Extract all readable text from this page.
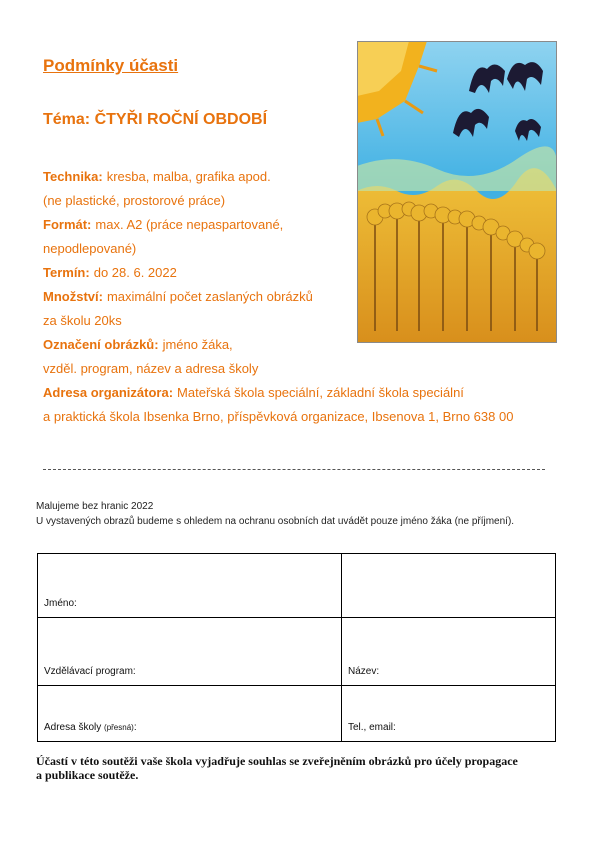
Podmínky účasti
Téma: ČTYŘI ROČNÍ OBDOBÍ
Technika: kresba, malba, grafika apod.
(ne plastické, prostorové práce)
Formát: max. A2 (práce nepaspartované,
nepodlepované)
Termín: do 28. 6. 2022
Množství: maximální počet zaslaných obrázků
za školu 20ks
Označení obrázků: jméno žáka,
vzděl. program, název a adresa školy
Adresa organizátora: Mateřská škola speciální, základní škola speciální
a praktická škola Ibsenka Brno, příspěvková organizace, Ibsenova 1, Brno 638 00
Malujeme bez hranic 2022
U vystavených obrazů budeme s ohledem na ochranu osobních dat uvádět pouze jméno žáka (ne příjmení).
Jméno:	
Vzdělávací program:	Název:
Adresa školy (přesná):	Tel., email:
Účastí v této soutěži vaše škola vyjadřuje souhlas se zveřejněním obrázků pro účely propagace
a publikace soutěže.
